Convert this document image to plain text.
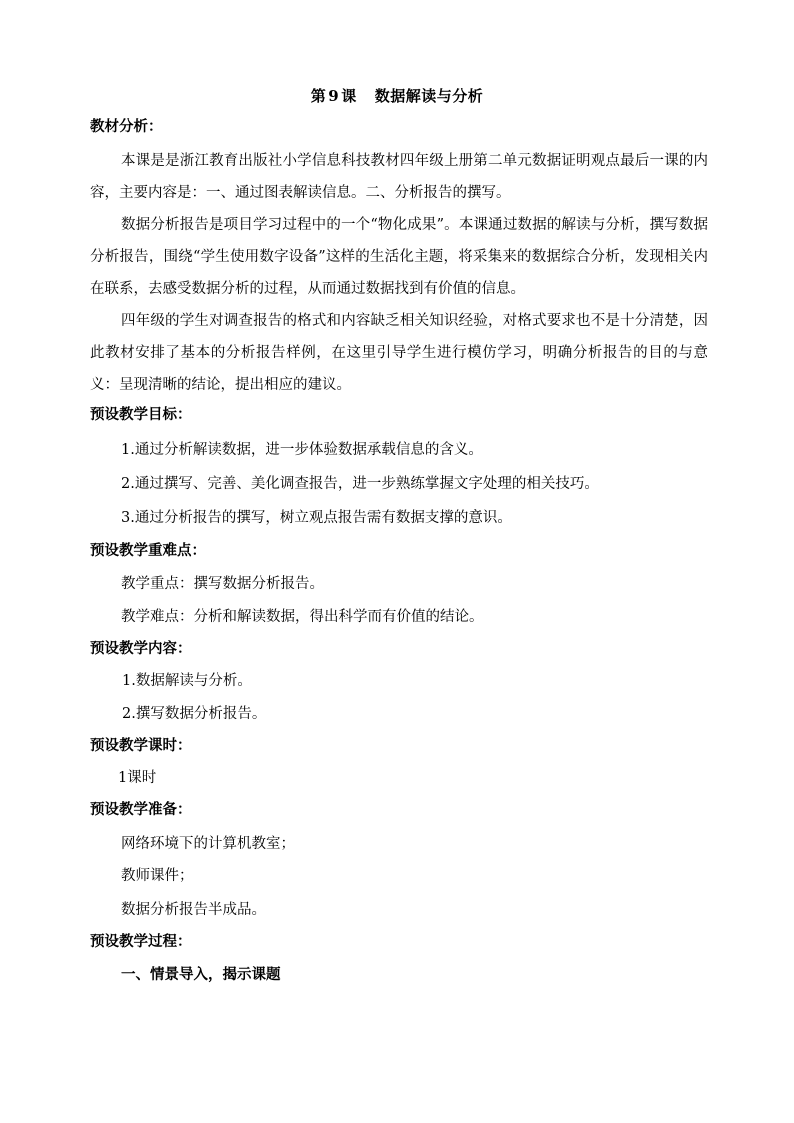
第 9 课 数据解读与分析
教材分析：
本课是是浙江教育出版社小学信息科技教材四年级上册第二单元数据证明观点最后一课的内容，主要内容是：一、通过图表解读信息。二、分析报告的撰写。
数据分析报告是项目学习过程中的一个“物化成果”。本课通过数据的解读与分析，撰写数据分析报告，围绕“学生使用数字设备”这样的生活化主题，将采集来的数据综合分析，发现相关内在联系，去感受数据分析的过程，从而通过数据找到有价值的信息。
四年级的学生对调查报告的格式和内容缺乏相关知识经验，对格式要求也不是十分清楚，因此教材安排了基本的分析报告样例，在这里引导学生进行模仿学习，明确分析报告的目的与意义：呈现清晰的结论，提出相应的建议。
预设教学目标：
1.通过分析解读数据，进一步体验数据承载信息的含义。
2.通过撰写、完善、美化调查报告，进一步熟练掌握文字处理的相关技巧。
3.通过分析报告的撰写，树立观点报告需有数据支撑的意识。
预设教学重难点：
教学重点：撰写数据分析报告。
教学难点：分析和解读数据，得出科学而有价值的结论。
预设教学内容：
1.数据解读与分析。
2.撰写数据分析报告。
预设教学课时：
1课时
预设教学准备：
网络环境下的计算机教室；
教师课件；
数据分析报告半成品。
预设教学过程：
一、情景导入，揭示课题
